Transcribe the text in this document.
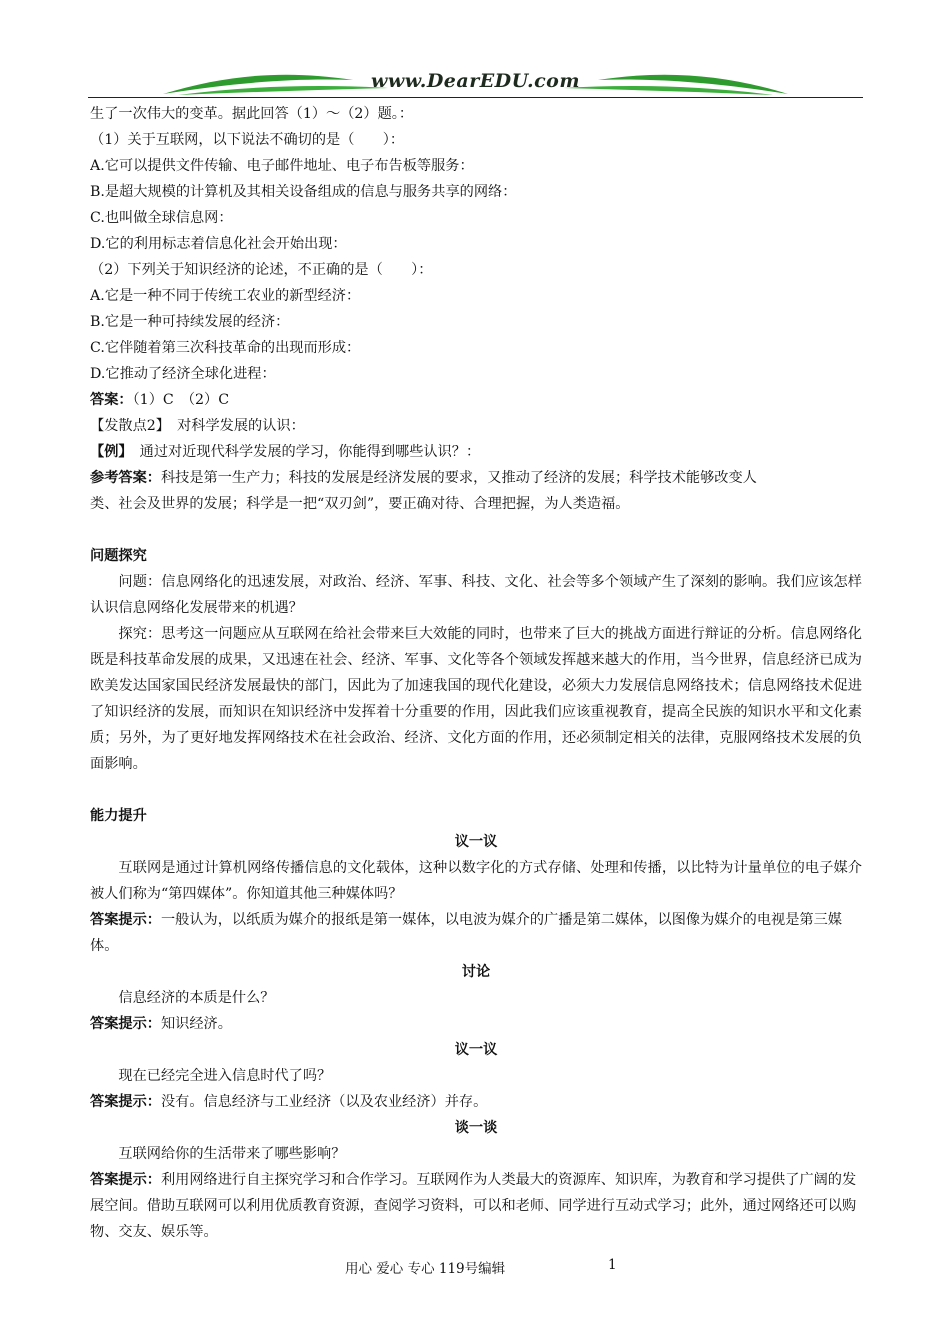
www.DearEDU.com
生了一次伟大的变革。据此回答（1）～（2）题。：
（1）关于互联网，以下说法不确切的是（　　）：
A.它可以提供文件传输、电子邮件地址、电子布告板等服务：
B.是超大规模的计算机及其相关设备组成的信息与服务共享的网络：
C.也叫做全球信息网：
D.它的利用标志着信息化社会开始出现：
（2）下列关于知识经济的论述，不正确的是（　　）：
A.它是一种不同于传统工农业的新型经济：
B.它是一种可持续发展的经济：
C.它伴随着第三次科技革命的出现而形成：
D.它推动了经济全球化进程：
答案：（1）C　（2）C
【发散点2】　对科学发展的认识：
【例】　通过对近现代科学发展的学习，你能得到哪些认识？：
参考答案：科技是第一生产力；科技的发展是经济发展的要求，又推动了经济的发展；科学技术能够改变人
类、社会及世界的发展；科学是一把“双刃剑”，要正确对待、合理把握，为人类造福。
问题探究
问题：信息网络化的迅速发展，对政治、经济、军事、科技、文化、社会等多个领域产生了深刻的影响。我们应该怎样认识信息网络化发展带来的机遇？
探究：思考这一问题应从互联网在给社会带来巨大效能的同时，也带来了巨大的挑战方面进行辩证的分析。信息网络化既是科技革命发展的成果，又迅速在社会、经济、军事、文化等各个领域发挥越来越大的作用，当今世界，信息经济已成为欧美发达国家国民经济发展最快的部门，因此为了加速我国的现代化建设，必须大力发展信息网络技术；信息网络技术促进了知识经济的发展，而知识在知识经济中发挥着十分重要的作用，因此我们应该重视教育，提高全民族的知识水平和文化素质；另外，为了更好地发挥网络技术在社会政治、经济、文化方面的作用，还必须制定相关的法律，克服网络技术发展的负面影响。
能力提升
议一议
互联网是通过计算机网络传播信息的文化载体，这种以数字化的方式存储、处理和传播，以比特为计量单位的电子媒介被人们称为“第四媒体”。你知道其他三种媒体吗？
答案提示：一般认为，以纸质为媒介的报纸是第一媒体，以电波为媒介的广播是第二媒体，以图像为媒介的电视是第三媒体。
讨论
信息经济的本质是什么？
答案提示：知识经济。
议一议
现在已经完全进入信息时代了吗？
答案提示：没有。信息经济与工业经济（以及农业经济）并存。
谈一谈
互联网给你的生活带来了哪些影响？
答案提示：利用网络进行自主探究学习和合作学习。互联网作为人类最大的资源库、知识库，为教育和学习提供了广阔的发展空间。借助互联网可以利用优质教育资源，查阅学习资料，可以和老师、同学进行互动式学习；此外，通过网络还可以购物、交友、娱乐等。
用心 爱心 专心 119号编辑	1
